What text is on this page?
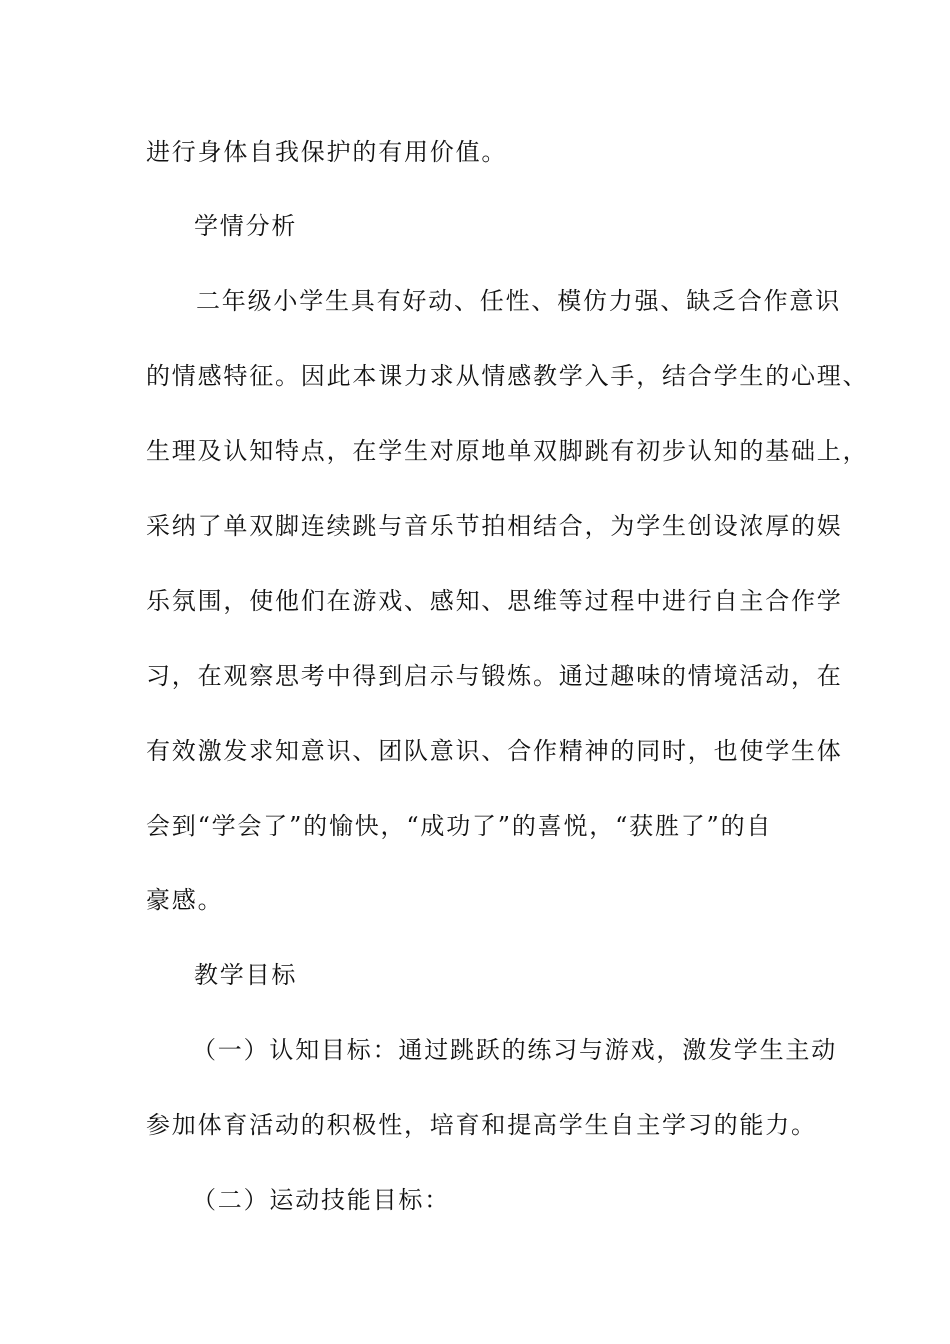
进行身体自我保护的有用价值。
学情分析
二年级小学生具有好动、任性、模仿力强、缺乏合作意识
的情感特征。因此本课力求从情感教学入手，结合学生的心理、
生理及认知特点，在学生对原地单双脚跳有初步认知的基础上，
采纳了单双脚连续跳与音乐节拍相结合，为学生创设浓厚的娱
乐氛围，使他们在游戏、感知、思维等过程中进行自主合作学
习，在观察思考中得到启示与锻炼。通过趣味的情境活动，在
有效激发求知意识、团队意识、合作精神的同时，也使学生体
会到“学会了”的愉快，“成功了”的喜悦，“获胜了”的自
豪感。
教学目标
（一）认知目标：通过跳跃的练习与游戏，激发学生主动
参加体育活动的积极性，培育和提高学生自主学习的能力。
（二）运动技能目标：
